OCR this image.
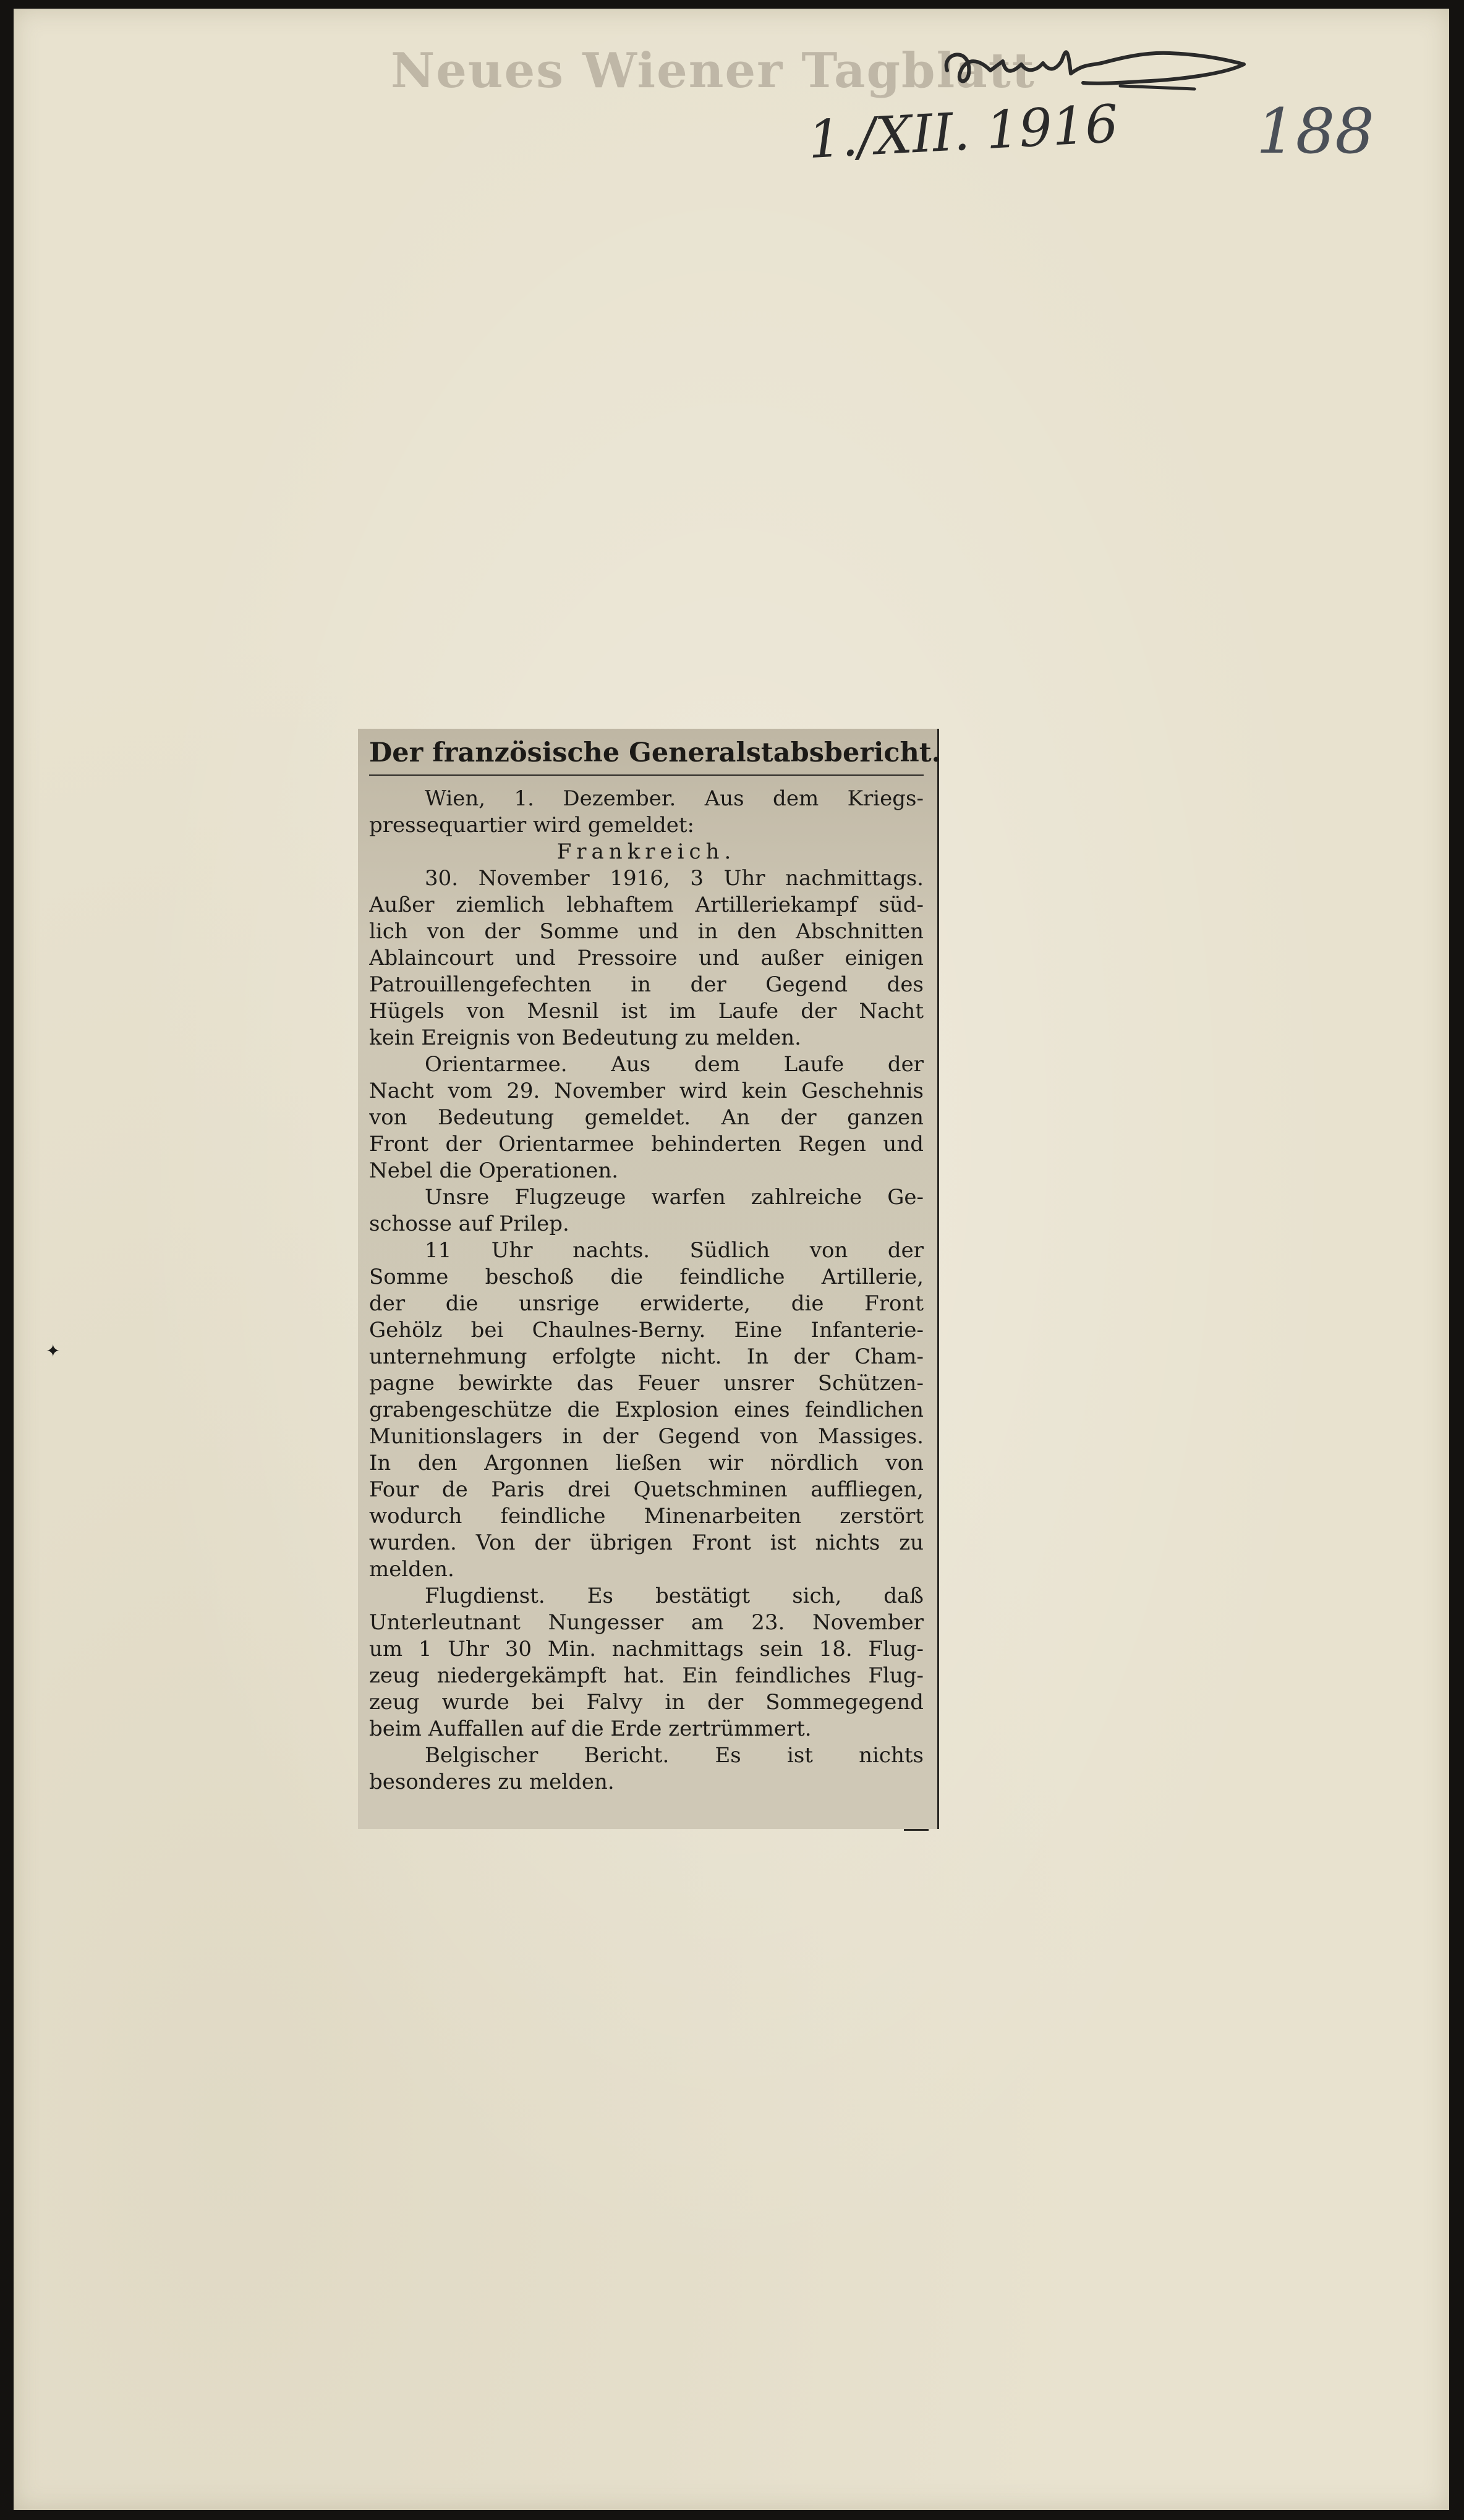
Neues Wiener Tagblatt
1./XII. 1916 188
Der französische Generalstabsbericht.
Wien, 1. Dezember. Aus dem Kriegs-
pressequartier wird gemeldet:
Frankreich.
30. November 1916, 3 Uhr nachmittags.
Außer ziemlich lebhaftem Artilleriekampf süd-
lich von der Somme und in den Abschnitten
Ablaincourt und Pressoire und außer einigen
Patrouillengefechten in der Gegend des
Hügels von Mesnil ist im Laufe der Nacht
kein Ereignis von Bedeutung zu melden.
Orientarmee. Aus dem Laufe der
Nacht vom 29. November wird kein Geschehnis
von Bedeutung gemeldet. An der ganzen
Front der Orientarmee behinderten Regen und
Nebel die Operationen.
Unsre Flugzeuge warfen zahlreiche Ge-
schosse auf Prilep.
11 Uhr nachts. Südlich von der
Somme beschoß die feindliche Artillerie,
der die unsrige erwiderte, die Front
Gehölz bei Chaulnes-Berny. Eine Infanterie-
unternehmung erfolgte nicht. In der Cham-
pagne bewirkte das Feuer unsrer Schützen-
grabengeschütze die Explosion eines feindlichen
Munitionslagers in der Gegend von Massiges.
In den Argonnen ließen wir nördlich von
Four de Paris drei Quetschminen auffliegen,
wodurch feindliche Minenarbeiten zerstört
wurden. Von der übrigen Front ist nichts zu
melden.
Flugdienst. Es bestätigt sich, daß
Unterleutnant Nungesser am 23. November
um 1 Uhr 30 Min. nachmittags sein 18. Flug-
zeug niedergekämpft hat. Ein feindliches Flug-
zeug wurde bei Falvy in der Sommegegend
beim Auffallen auf die Erde zertrümmert.
Belgischer Bericht. Es ist nichts
besonderes zu melden.
✦
